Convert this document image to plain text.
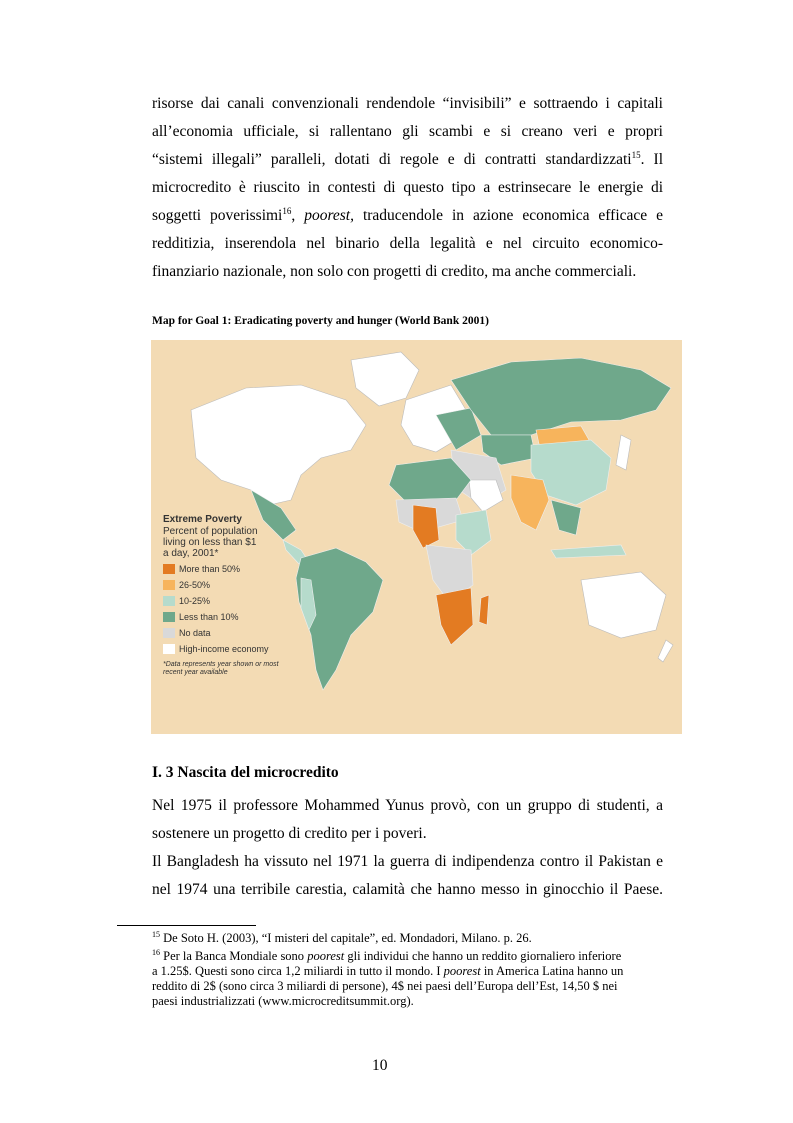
risorse dai canali convenzionali rendendole “invisibili” e sottraendo i capitali
all’economia ufficiale, si rallentano gli scambi e si creano veri e propri
“sistemi illegali” paralleli, dotati di regole e di contratti standardizzati$^{15}$. Il
microcredito è riuscito in contesti di questo tipo a estrinsecare le energie di
soggetti poverissimi$^{16}$, poorest, traducendole in azione economica efficace e
redditizia, inserendola nel binario della legalità e nel circuito economico-
finanziario nazionale, non solo con progetti di credito, ma anche commerciali.
Map for Goal 1: Eradicating poverty and hunger (World Bank 2001)
Extreme Poverty
Percent of population living on less than $1 a day, 2001*
More than 50%
26-50%
10-25%
Less than 10%
No data
High-income economy
*Data represents year shown or most recent year available
I. 3 Nascita del microcredito
Nel 1975 il professore Mohammed Yunus provò, con un gruppo di studenti, a
sostenere un progetto di credito per i poveri.
Il Bangladesh ha vissuto nel 1971 la guerra di indipendenza contro il Pakistan e
nel 1974 una terribile carestia, calamità che hanno messo in ginocchio il Paese.
$^{15}$ De Soto H. (2003), “I misteri del capitale”, ed. Mondadori, Milano. p. 26.
$^{16}$ Per la Banca Mondiale sono poorest gli individui che hanno un reddito giornaliero inferiore
a 1.25$. Questi sono circa 1,2 miliardi in tutto il mondo. I poorest in America Latina hanno un
reddito di 2$ (sono circa 3 miliardi di persone), 4$ nei paesi dell’Europa dell’Est, 14,50 $ nei
paesi industrializzati (www.microcreditsummit.org).
10
